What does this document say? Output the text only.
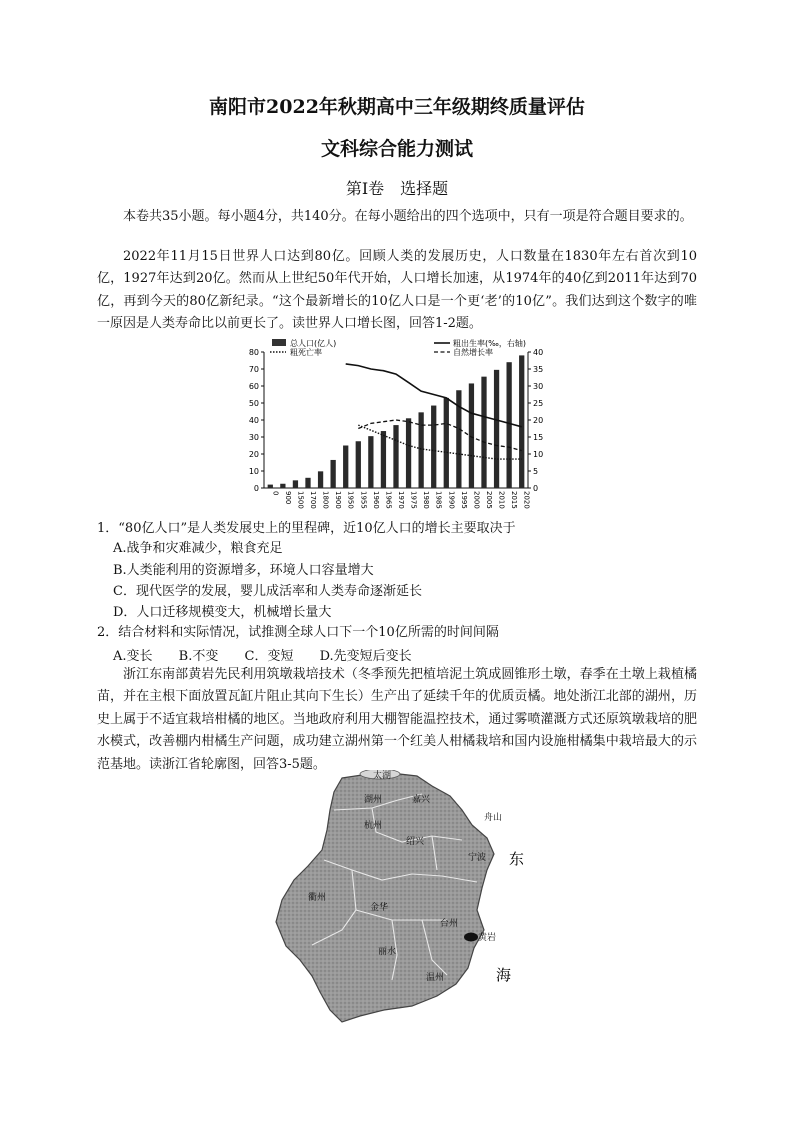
南阳市2022年秋期高中三年级期终质量评估
文科综合能力测试
第Ⅰ卷　选择题

本卷共35小题。每小题4分，共140分。在每小题给出的四个选项中，只有一项是符合题目要求的。

2022年11月15日世界人口达到80亿。回顾人类的发展历史，人口数量在1830年左右首次到10亿，1927年达到20亿。然而从上世纪50年代开始，人口增长加速，从1974年的40亿到2011年达到70亿，再到今天的80亿新纪录。“这个最新增长的10亿人口是一个更‘老’的10亿”。我们达到这个数字的唯一原因是人类寿命比以前更长了。读世界人口增长图，回答1-2题。

总人口(亿人)	粗出生率(‰，右轴)
粗死亡率	自然增长率
0
10
20
30
40
50
60
70
80
0
5
10
15
20
25
30
35
40
0 900 1500 1700 1800 1900 1950 1955 1960 1965 1970 1975 1980 1985 1990 1995 2000 2005 2010 2015 2020
1．“80亿人口”是人类发展史上的里程碑，近10亿人口的增长主要取决于
A.战争和灾难减少，粮食充足
B.人类能利用的资源增多，环境人口容量增大
C．现代医学的发展，婴儿成活率和人类寿命逐渐延长
D．人口迁移规模变大，机械增长量大
2．结合材料和实际情况，试推测全球人口下一个10亿所需的时间间隔
A.变长 B.不变 C．变短 D.先变短后变长

浙江东南部黄岩先民利用筑墩栽培技术（冬季预先把植培泥土筑成圆锥形土墩，春季在土墩上栽植橘苗，并在主根下面放置瓦缸片阻止其向下生长）生产出了延续千年的优质贡橘。地处浙江北部的湖州，历史上属于不适宜栽培柑橘的地区。当地政府利用大棚智能温控技术，通过雾喷灌溉方式还原筑墩栽培的肥水模式，改善棚内柑橘生产问题，成功建立湖州第一个红美人柑橘栽培和国内设施柑橘集中栽培最大的示范基地。读浙江省轮廓图，回答3-5题。

太湖
湖州	嘉兴
杭州
舟山
绍兴
宁波
衢州
金华
台州
丽水
温州
黄岩
东
海
